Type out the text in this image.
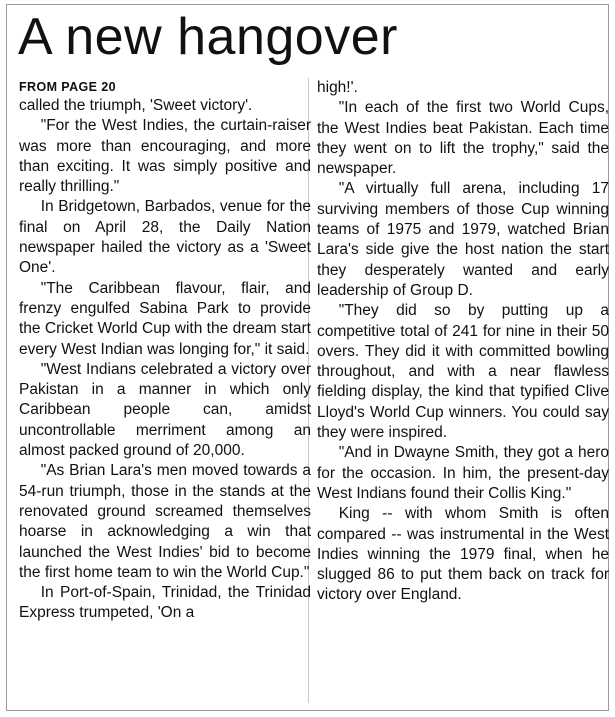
A new hangover
FROM PAGE 20

called the triumph, 'Sweet victory'.

"For the West Indies, the curtain-raiser was more than encouraging, and more than exciting. It was simply positive and really thrilling."

In Bridgetown, Barbados, venue for the final on April 28, the Daily Nation newspaper hailed the victory as a 'Sweet One'.

"The Caribbean flavour, flair, and frenzy engulfed Sabina Park to provide the Cricket World Cup with the dream start every West Indian was longing for," it said.

"West Indians celebrated a victory over Pakistan in a manner in which only Caribbean people can, amidst uncontrollable merriment among an almost packed ground of 20,000.

"As Brian Lara's men moved towards a 54-run triumph, those in the stands at the renovated ground screamed themselves hoarse in acknowledging a win that launched the West Indies' bid to become the first home team to win the World Cup."

In Port-of-Spain, Trinidad, the Trinidad Express trumpeted, 'On a

high!'.

"In each of the first two World Cups, the West Indies beat Pakistan. Each time they went on to lift the trophy," said the newspaper.

"A virtually full arena, including 17 surviving members of those Cup winning teams of 1975 and 1979, watched Brian Lara's side give the host nation the start they desperately wanted and early leadership of Group D.

"They did so by putting up a competitive total of 241 for nine in their 50 overs. They did it with committed bowling throughout, and with a near flawless fielding display, the kind that typified Clive Lloyd's World Cup winners. You could say they were inspired.

"And in Dwayne Smith, they got a hero for the occasion. In him, the present-day West Indians found their Collis King."

King -- with whom Smith is often compared -- was instrumental in the West Indies winning the 1979 final, when he slugged 86 to put them back on track for victory over England.
